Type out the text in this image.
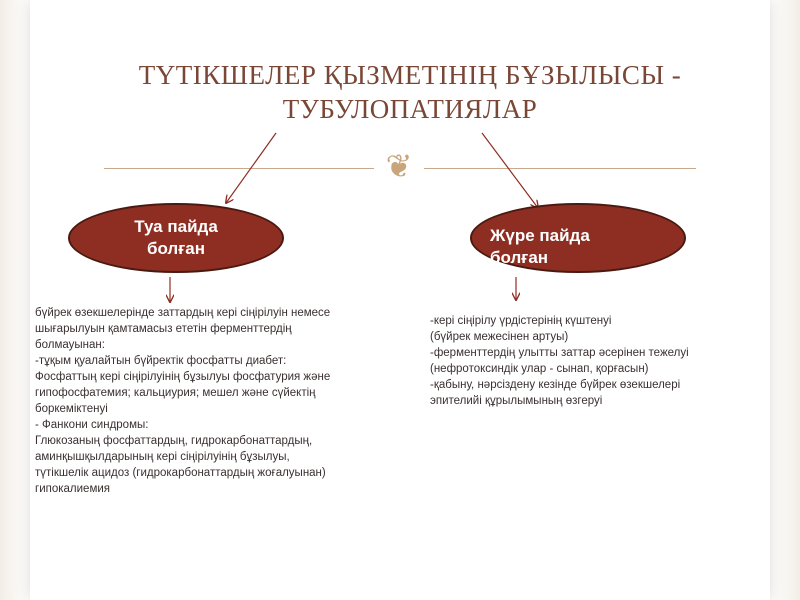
ТҮТІКШЕЛЕР ҚЫЗМЕТІНІҢ БҰЗЫЛЫСЫ -
ТУБУЛОПАТИЯЛАР
❦
Туа пайда болған
Жүре пайда болған
бүйрек өзекшелерінде заттардың кері сіңірілуін немесе шығарылуын қамтамасыз ететін ферменттердің болмауынан:
-тұқым қуалайтын бүйректік фосфатты диабет:
Фосфаттың кері сіңірілуінің бұзылуы фосфатурия және гипофосфатемия; кальциурия; мешел және сүйектің боркеміктенуі
- Фанкони синдромы:
Глюкозаның фосфаттардың, гидрокарбонаттардың, аминқышқылдарының кері сіңірілуінің бұзылуы, түтікшелік ацидоз (гидрокарбонаттардың жоғалуынан) гипокалиемия
-кері сіңірілу үрдістерінің күштенуі
(бүйрек межесінен артуы)
-ферменттердің улытты заттар әсерінен тежелуі
(нефротоксиндік улар - сынап, қорғасын)
-қабыну, нәрсіздену кезінде бүйрек өзекшелері эпителийі құрылымының өзгеруі
